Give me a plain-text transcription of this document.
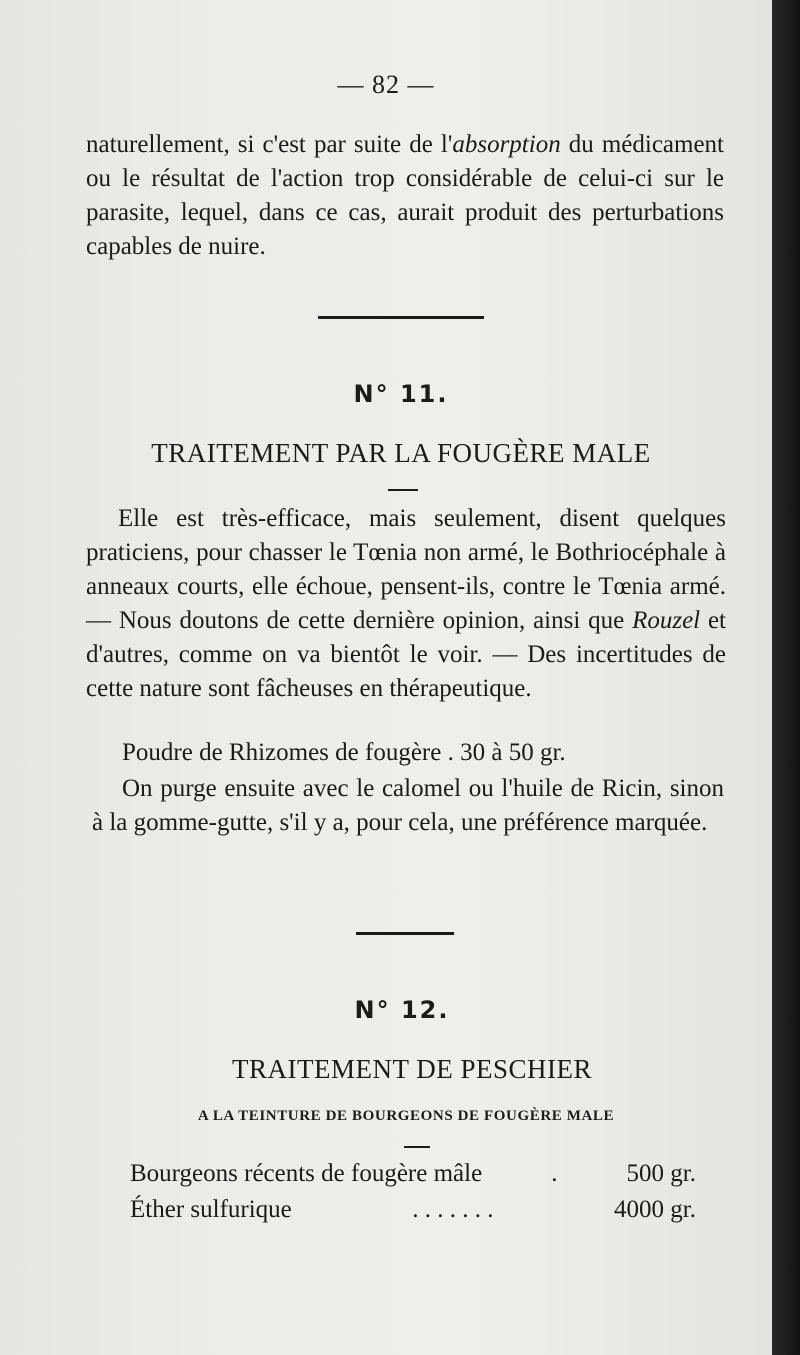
— 82 —

naturellement, si c'est par suite de l'absorption du médicament ou le résultat de l'action trop considérable de celui-ci sur le parasite, lequel, dans ce cas, aurait produit des perturbations capables de nuire.

N° 11.
TRAITEMENT PAR LA FOUGÈRE MALE

Elle est très-efficace, mais seulement, disent quelques praticiens, pour chasser le Tœnia non armé, le Bothriocéphale à anneaux courts, elle échoue, pensent-ils, contre le Tœnia armé. — Nous doutons de cette dernière opinion, ainsi que Rouzel et d'autres, comme on va bientôt le voir. — Des incertitudes de cette nature sont fâcheuses en thérapeutique.

Poudre de Rhizomes de fougère . 30 à 50 gr.

On purge ensuite avec le calomel ou l'huile de Ricin, sinon à la gomme-gutte, s'il y a, pour cela, une préférence marquée.

N° 12.
TRAITEMENT DE PESCHIER
A LA TEINTURE DE BOURGEONS DE FOUGÈRE MALE
Bourgeons récents de fougère mâle	.	500 gr.
Éther sulfurique	. . . . . . .	4000 gr.
